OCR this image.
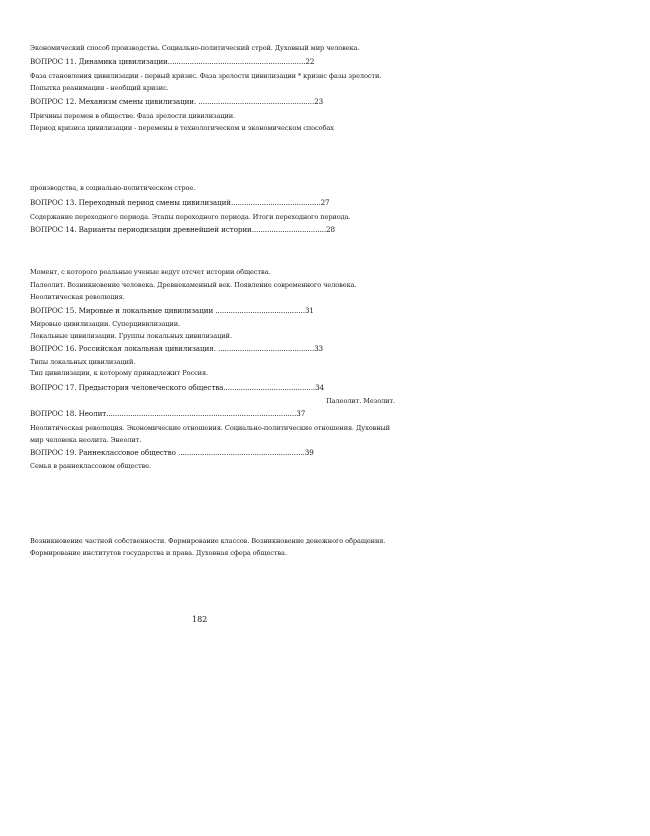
Экономический способ производства. Социально-политический строй. Духовный мир человека.
ВОПРОС 11. Динамика цивилизации...............................................................22
Фаза становления цивилизации - первый кризис. Фаза зрелости цивилизации * кризис фазы зрелости.
Попытка реанимации - необщий кризис.
ВОПРОС 12. Механизм смены цивилизации. .....................................................23
Причины перемен в обществе. Фаза зрелости цивилизации.
Период кризиса цивилизации - перемены в технологическом и экономическом способах
производства, в социально-политическом строе.
ВОПРОС 13. Переходный период смены цивилизаций.........................................27
Содержание переходного периода. Этапы переходного периода. Итоги переходного периода.
ВОПРОС 14. Варианты периодизации древнейшей истории..................................28
Момент, с которого реальные ученые ведут отсчет истории общества.
Палеолит. Возникновение человека. Древнекаменный век. Появление современного человека.
Неолитическая революция.
ВОПРОС 15. Мировые и локальные цивилизации .........................................31
Мировые цивилизации. Суперцивилизации.
Локальные цивилизации. Группы локальных цивилизаций.
ВОПРОС 16. Российская локальная цивилизация. ............................................33
Типы локальных цивилизаций.
Тип цивилизации, к которому принадлежит Россия.
ВОПРОС 17. Предыстория человеческого общества..........................................34
Палеолит. Мезолит.
ВОПРОС 18. Неолит.......................................................................................37
Неолитическая революция. Экономические отношения. Социально-политические отношения. Духовный
мир человека неолита. Энеолит.
ВОПРОС 19. Раннеклассовое общество ..........................................................39
Семья в раннеклассовом обществе.
Возникновение частной собственности. Формирование классов. Возникновение денежного обращения.
Формирование институтов государства и права. Духовная сфера общества.
182
